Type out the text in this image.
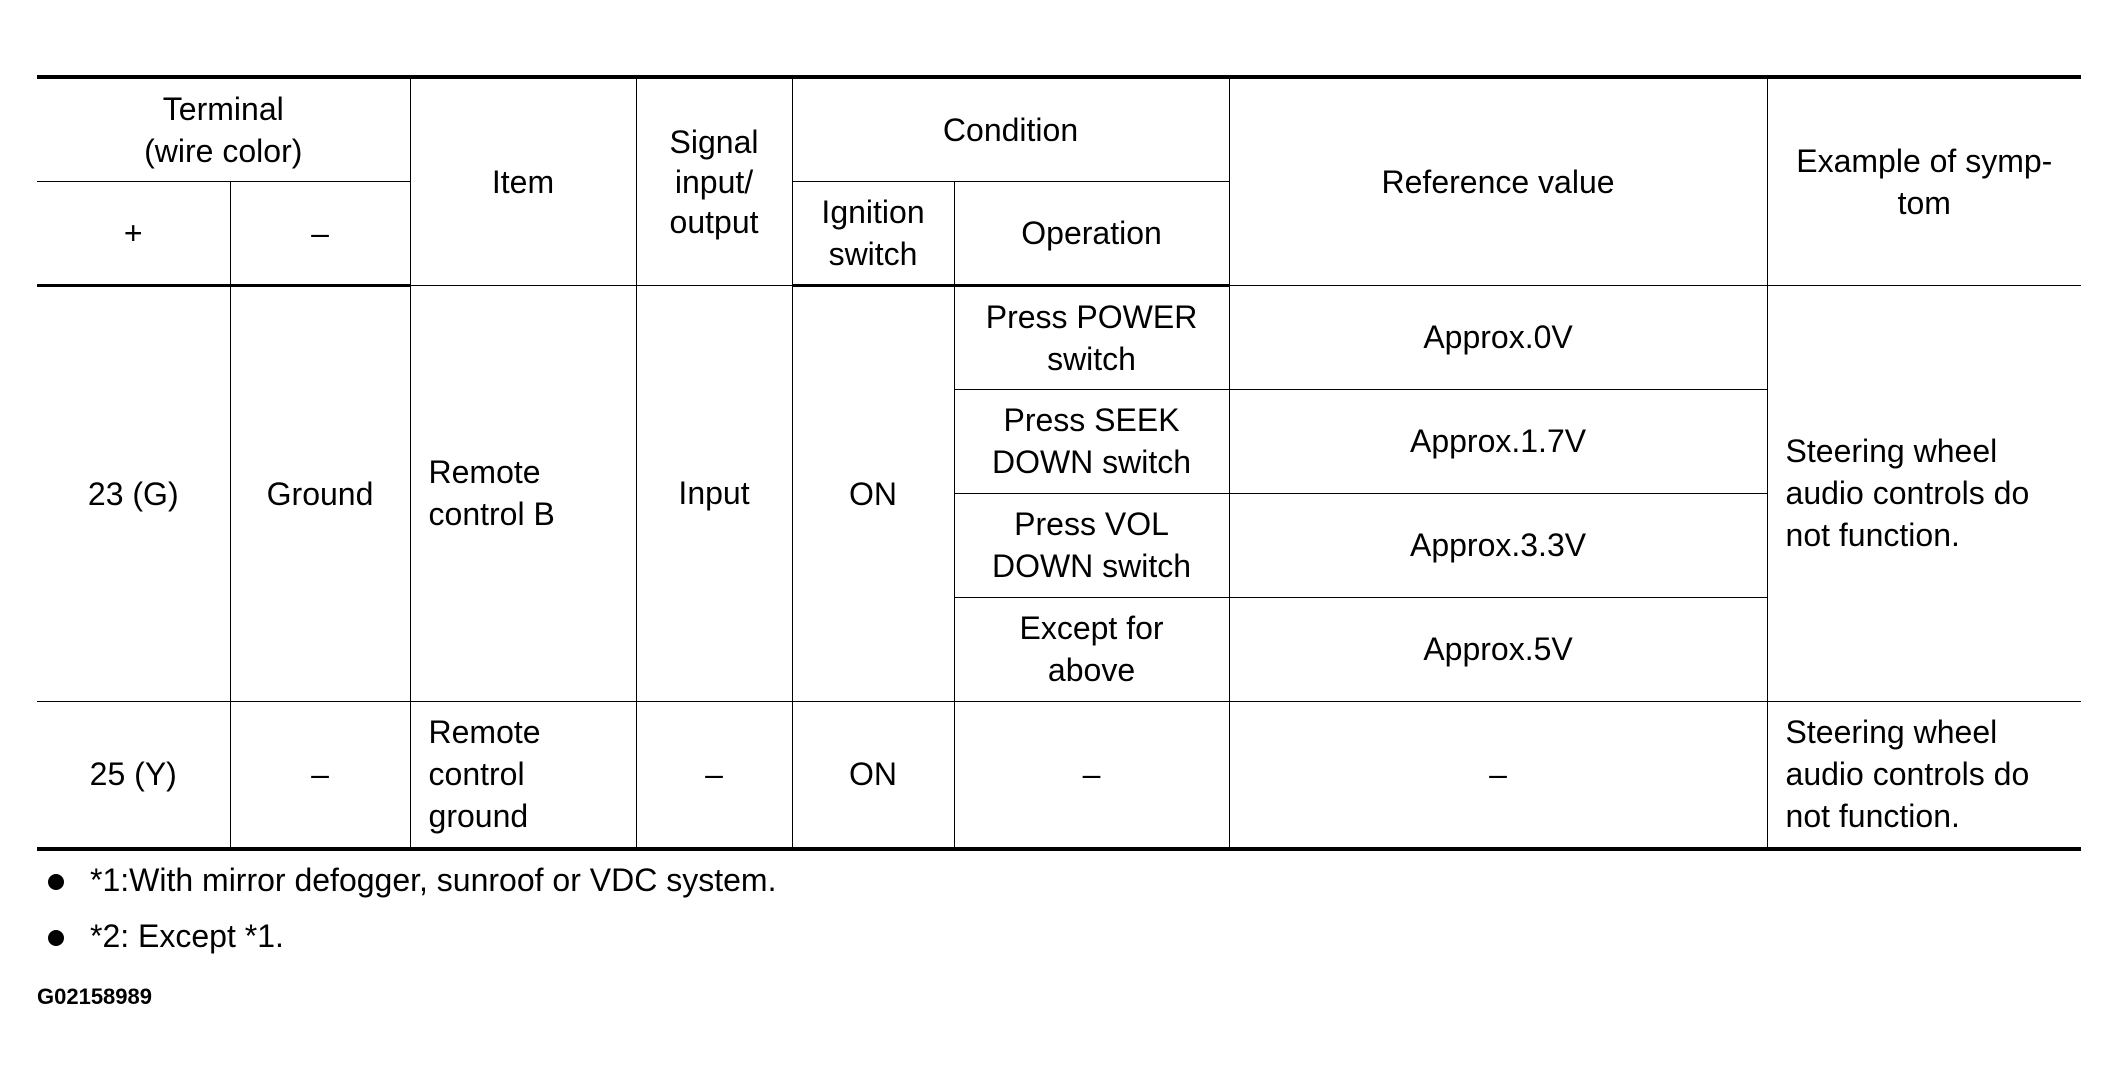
Terminal
(wire color)		Item	Signal
input/
output	Condition		Reference value	Example of symp-
tom
+	–			Ignition
switch	Operation		
23 (G)	Ground	Remote
control B	Input	ON	Press POWER
switch	Approx.0V	Steering wheel
audio controls do
not function.
					Press SEEK
DOWN switch	Approx.1.7V	
					Press VOL
DOWN switch	Approx.3.3V	
					Except for
above	Approx.5V	
25 (Y)	–	Remote
control
ground	–	ON	–	–	Steering wheel
audio controls do
not function.
*1:With mirror defogger, sunroof or VDC system.
*2: Except *1.
G02158989
